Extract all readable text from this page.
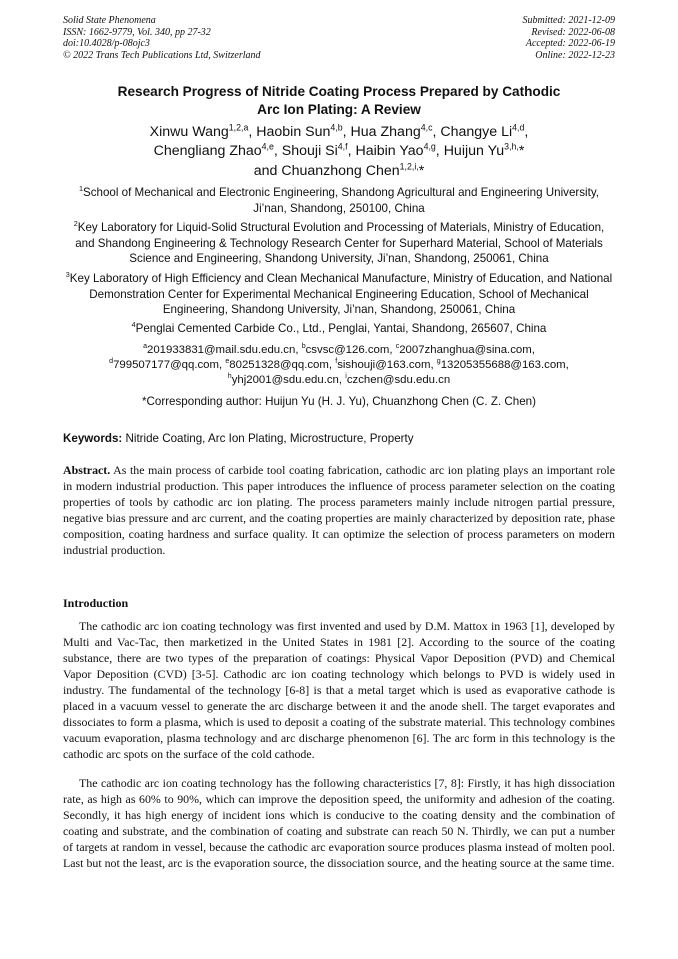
Solid State Phenomena
ISSN: 1662-9779, Vol. 340, pp 27-32
doi:10.4028/p-08ojc3
© 2022 Trans Tech Publications Ltd, Switzerland
Submitted: 2021-12-09
Revised: 2022-06-08
Accepted: 2022-06-19
Online: 2022-12-23
Research Progress of Nitride Coating Process Prepared by Cathodic
Arc Ion Plating: A Review
Xinwu Wang$^{1,2,a}$, Haobin Sun$^{4,b}$, Hua Zhang$^{4,c}$, Changye Li$^{4,d}$,
Chengliang Zhao$^{4,e}$, Shouji Si$^{4,f}$, Haibin Yao$^{4,g}$, Huijun $Yu^{3,h,}*$
and Chuanzhong Chen$^{1,2,i,}$*
$^1$School of Mechanical and Electronic Engineering, Shandong Agricultural and Engineering University, Ji’nan, Shandong, 250100, China
$^2$Key Laboratory for Liquid-Solid Structural Evolution and Processing of Materials, Ministry of Education, and Shandong Engineering & Technology Research Center for Superhard Material, School of Materials Science and Engineering, Shandong University, Ji’nan, Shandong, 250061, China
$^3$Key Laboratory of High Efficiency and Clean Mechanical Manufacture, Ministry of Education, and National Demonstration Center for Experimental Mechanical Engineering Education, School of Mechanical Engineering, Shandong University, Ji’nan, Shandong, 250061, China
$^4$Penglai Cemented Carbide Co., Ltd., Penglai, Yantai, Shandong, 265607, China
$^a$201933831@mail.sdu.edu.cn, $^b$csvsc@126.com, $^c$2007zhanghua@sina.com,
$^d$799507177@qq.com, $^e$80251328@qq.com, $^f$sishouji@163.com, $^g$13205355688@163.com,
$^h$yhj2001@sdu.edu.cn, $^i$czchen@sdu.edu.cn
*Corresponding author: Huijun Yu (H. J. Yu), Chuanzhong Chen (C. Z. Chen)
Keywords: Nitride Coating, Arc Ion Plating, Microstructure, Property

Abstract. As the main process of carbide tool coating fabrication, cathodic arc ion plating plays an important role in modern industrial production. This paper introduces the influence of process parameter selection on the coating properties of tools by cathodic arc ion plating. The process parameters mainly include nitrogen partial pressure, negative bias pressure and arc current, and the coating properties are mainly characterized by deposition rate, phase composition, coating hardness and surface quality. It can optimize the selection of process parameters on modern industrial production.

Introduction

The cathodic arc ion coating technology was first invented and used by D.M. Mattox in 1963 [1], developed by Multi and Vac-Tac, then marketized in the United States in 1981 [2]. According to the source of the coating substance, there are two types of the preparation of coatings: Physical Vapor Deposition (PVD) and Chemical Vapor Deposition (CVD) [3-5]. Cathodic arc ion coating technology which belongs to PVD is widely used in industry. The fundamental of the technology [6-8] is that a metal target which is used as evaporative cathode is placed in a vacuum vessel to generate the arc discharge between it and the anode shell. The target evaporates and dissociates to form a plasma, which is used to deposit a coating of the substrate material. This technology combines vacuum evaporation, plasma technology and arc discharge phenomenon [6]. The arc form in this technology is the cathodic arc spots on the surface of the cold cathode.

The cathodic arc ion coating technology has the following characteristics [7, 8]: Firstly, it has high dissociation rate, as high as 60% to 90%, which can improve the deposition speed, the uniformity and adhesion of the coating. Secondly, it has high energy of incident ions which is conducive to the coating density and the combination of coating and substrate, and the combination of coating and substrate can reach 50 N. Thirdly, we can put a number of targets at random in vessel, because the cathodic arc evaporation source produces plasma instead of molten pool. Last but not the least, arc is the evaporation source, the dissociation source, and the heating source at the same time.
